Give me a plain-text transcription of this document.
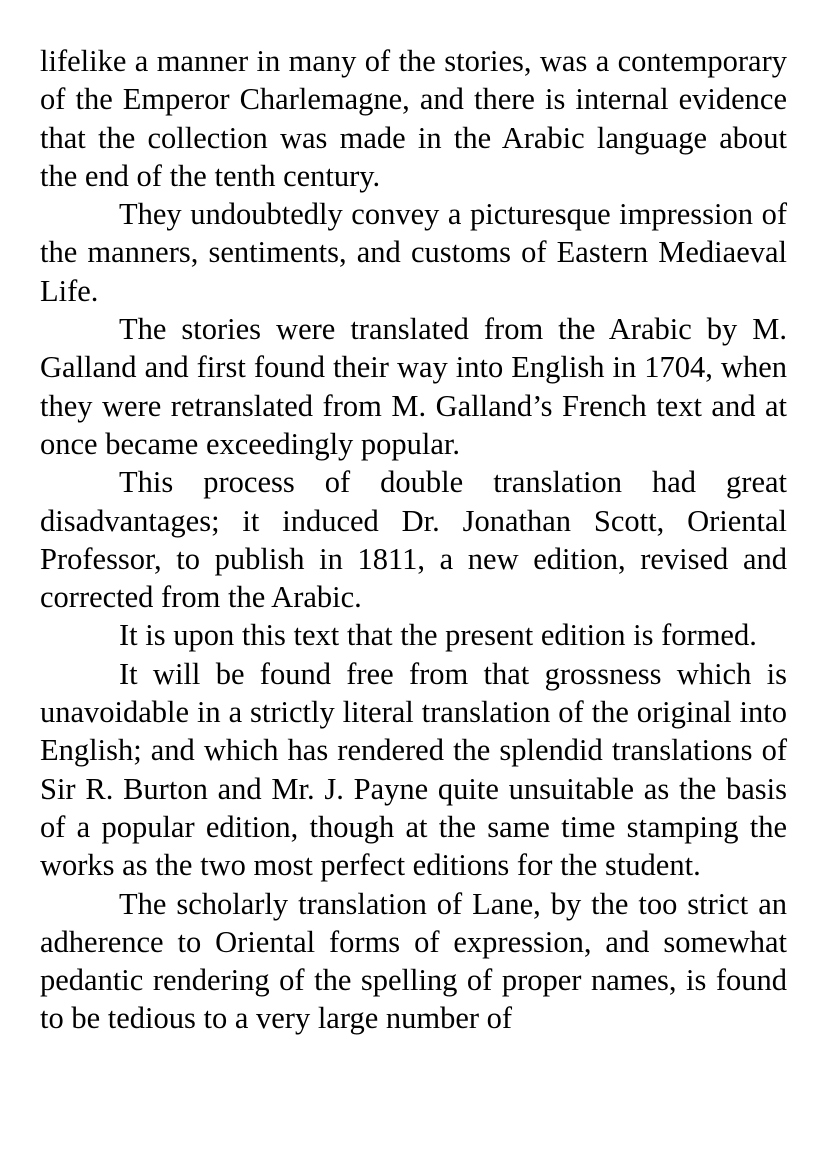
lifelike a manner in many of the stories, was a contemporary of the Emperor Charlemagne, and there is internal evidence that the collection was made in the Arabic language about the end of the tenth century.

They undoubtedly convey a picturesque impression of the manners, sentiments, and customs of Eastern Mediaeval Life.

The stories were translated from the Arabic by M. Galland and first found their way into English in 1704, when they were retranslated from M. Galland’s French text and at once became exceedingly popular.

This process of double translation had great disadvantages; it induced Dr. Jonathan Scott, Oriental Professor, to publish in 1811, a new edition, revised and corrected from the Arabic.

It is upon this text that the present edition is formed.

It will be found free from that grossness which is unavoidable in a strictly literal translation of the original into English; and which has rendered the splendid translations of Sir R. Burton and Mr. J. Payne quite unsuitable as the basis of a popular edition, though at the same time stamping the works as the two most perfect editions for the student.

The scholarly translation of Lane, by the too strict an adherence to Oriental forms of expression, and somewhat pedantic rendering of the spelling of proper names, is found to be tedious to a very large number of
